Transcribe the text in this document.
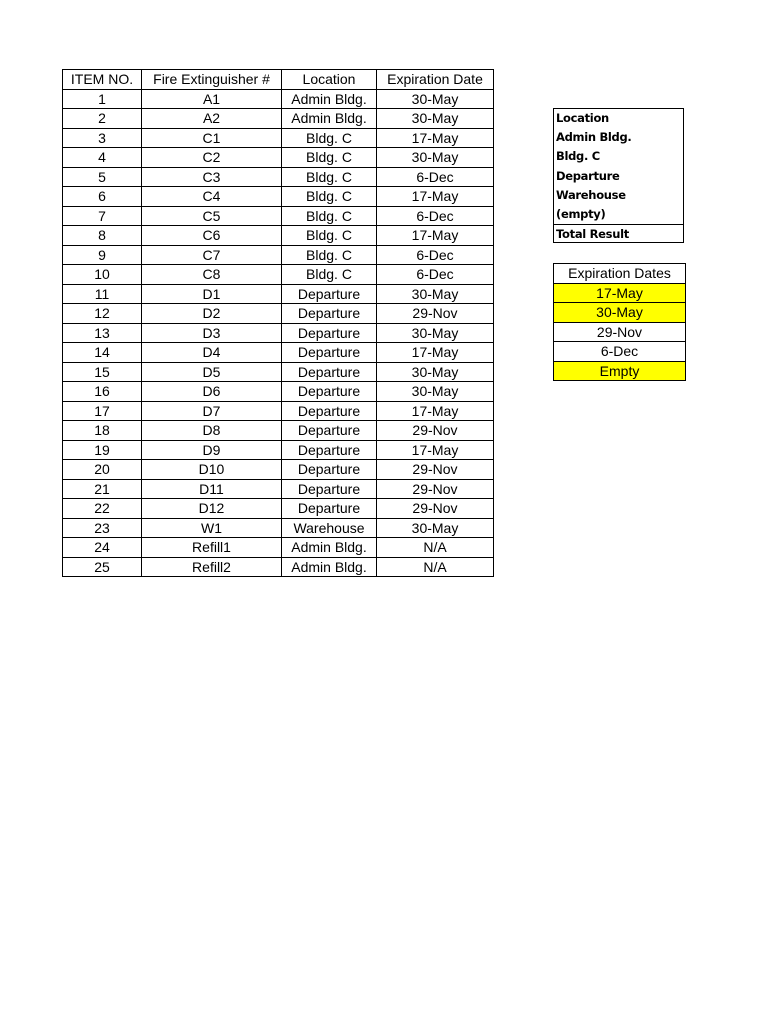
ITEM NO.	Fire Extinguisher #	Location	Expiration Date
1	A1	Admin Bldg.	30-May
2	A2	Admin Bldg.	30-May
3	C1	Bldg. C	17-May
4	C2	Bldg. C	30-May
5	C3	Bldg. C	6-Dec
6	C4	Bldg. C	17-May
7	C5	Bldg. C	6-Dec
8	C6	Bldg. C	17-May
9	C7	Bldg. C	6-Dec
10	C8	Bldg. C	6-Dec
11	D1	Departure	30-May
12	D2	Departure	29-Nov
13	D3	Departure	30-May
14	D4	Departure	17-May
15	D5	Departure	30-May
16	D6	Departure	30-May
17	D7	Departure	17-May
18	D8	Departure	29-Nov
19	D9	Departure	17-May
20	D10	Departure	29-Nov
21	D11	Departure	29-Nov
22	D12	Departure	29-Nov
23	W1	Warehouse	30-May
24	Refill1	Admin Bldg.	N/A
25	Refill2	Admin Bldg.	N/A
Location
Admin Bldg.
Bldg. C
Departure
Warehouse
(empty)
Total Result
Expiration Dates
17-May
30-May
29-Nov
6-Dec
Empty
